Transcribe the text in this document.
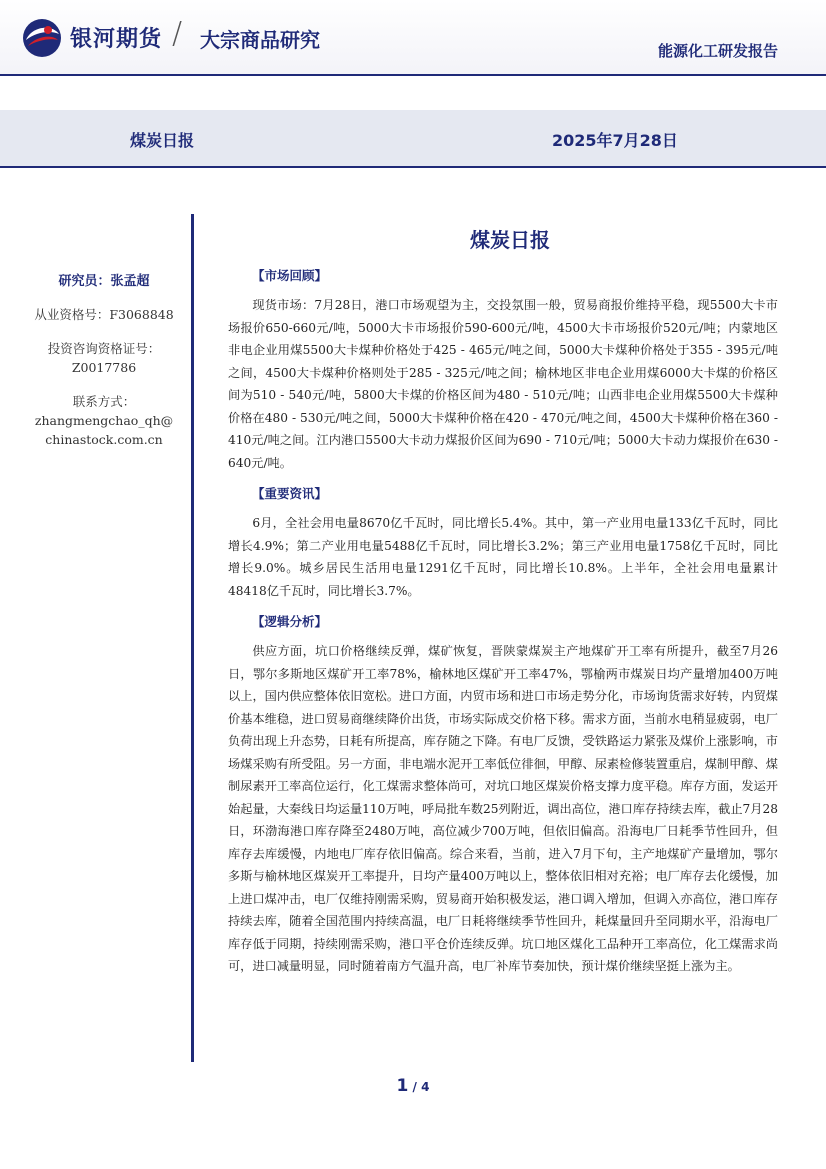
银河期货 / 大宗商品研究	能源化工研发报告
煤炭日报	2025年7月28日
研究员：张孟超
从业资格号：F3068848
投资咨询资格证号：
Z0017786
联系方式：
zhangmengchao_qh@
chinastock.com.cn
煤炭日报
【市场回顾】

现货市场：7月28日，港口市场观望为主，交投氛围一般，贸易商报价维持平稳，现5500大卡市场报价650-660元/吨，5000大卡市场报价590-600元/吨，4500大卡市场报价520元/吨；内蒙地区非电企业用煤5500大卡煤种价格处于425 - 465元/吨之间，5000大卡煤种价格处于355 - 395元/吨之间，4500大卡煤种价格则处于285 - 325元/吨之间；榆林地区非电企业用煤6000大卡煤的价格区间为510 - 540元/吨，5800大卡煤的价格区间为480 - 510元/吨；山西非电企业用煤5500大卡煤种价格在480 - 530元/吨之间，5000大卡煤种价格在420 - 470元/吨之间，4500大卡煤种价格在360 - 410元/吨之间。江内港口5500大卡动力煤报价区间为690 - 710元/吨；5000大卡动力煤报价在630 - 640元/吨。

【重要资讯】

6月，全社会用电量8670亿千瓦时，同比增长5.4%。其中，第一产业用电量133亿千瓦时，同比增长4.9%；第二产业用电量5488亿千瓦时，同比增长3.2%；第三产业用电量1758亿千瓦时，同比增长9.0%。城乡居民生活用电量1291亿千瓦时，同比增长10.8%。上半年，全社会用电量累计48418亿千瓦时，同比增长3.7%。

【逻辑分析】

供应方面，坑口价格继续反弹，煤矿恢复，晋陕蒙煤炭主产地煤矿开工率有所提升，截至7月26日，鄂尔多斯地区煤矿开工率78%，榆林地区煤矿开工率47%，鄂榆两市煤炭日均产量增加400万吨以上，国内供应整体依旧宽松。进口方面，内贸市场和进口市场走势分化，市场询货需求好转，内贸煤价基本维稳，进口贸易商继续降价出货，市场实际成交价格下移。需求方面，当前水电稍显疲弱，电厂负荷出现上升态势，日耗有所提高，库存随之下降。有电厂反馈，受铁路运力紧张及煤价上涨影响，市场煤采购有所受阻。另一方面，非电端水泥开工率低位徘徊，甲醇、尿素检修装置重启，煤制甲醇、煤制尿素开工率高位运行，化工煤需求整体尚可，对坑口地区煤炭价格支撑力度平稳。库存方面，发运开始起量，大秦线日均运量110万吨，呼局批车数25列附近，调出高位，港口库存持续去库，截止7月28日，环渤海港口库存降至2480万吨，高位减少700万吨，但依旧偏高。沿海电厂日耗季节性回升，但库存去库缓慢，内地电厂库存依旧偏高。综合来看，当前，进入7月下旬，主产地煤矿产量增加，鄂尔多斯与榆林地区煤炭开工率提升，日均产量400万吨以上，整体依旧相对充裕；电厂库存去化缓慢，加上进口煤冲击，电厂仅维持刚需采购，贸易商开始积极发运，港口调入增加，但调入亦高位，港口库存持续去库，随着全国范围内持续高温，电厂日耗将继续季节性回升，耗煤量回升至同期水平，沿海电厂库存低于同期，持续刚需采购，港口平仓价连续反弹。坑口地区煤化工品种开工率高位，化工煤需求尚可，进口减量明显，同时随着南方气温升高，电厂补库节奏加快，预计煤价继续坚挺上涨为主。

1 / 4
